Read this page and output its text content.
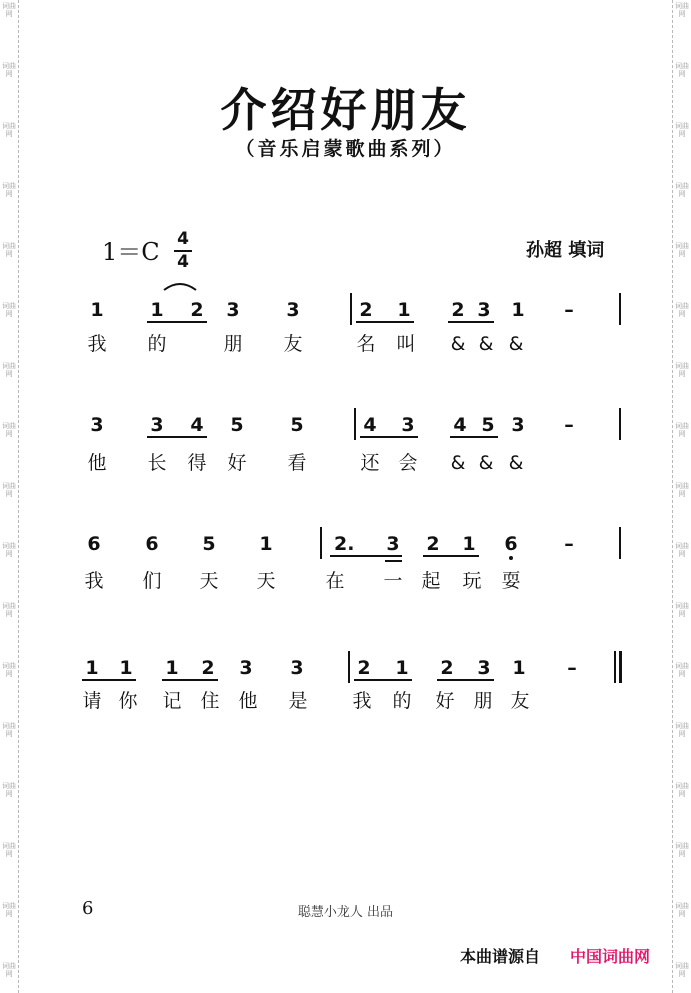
词曲网
词曲网
词曲网
词曲网
词曲网
词曲网
词曲网
词曲网
词曲网
词曲网
词曲网
词曲网
词曲网
词曲网
词曲网
词曲网
词曲网
词曲网
词曲网
词曲网
词曲网
词曲网
词曲网
词曲网
词曲网
词曲网
词曲网
词曲网
词曲网
词曲网
词曲网
词曲网
词曲网
词曲网
介绍好朋友
（音乐启蒙歌曲系列）
1＝C 4
4
孙超 填词
1 1 2 3 3	2 1 2 3 1 –
我 的	朋 友	名 叫	& & &
3 3 4 5 5	4 3 4 5 3 –
他 长 得 好 看	还 会	& & &
6 6 5 1	2. 3 2 1 6 –
我 们 天 天	在 一 起 玩 耍
1 1 1 2 3 3	2 1 2 3 1 –
请 你 记 住 他 是 我 的 好 朋 友
6	聪慧小龙人 出品
本曲谱源自 中国词曲网
